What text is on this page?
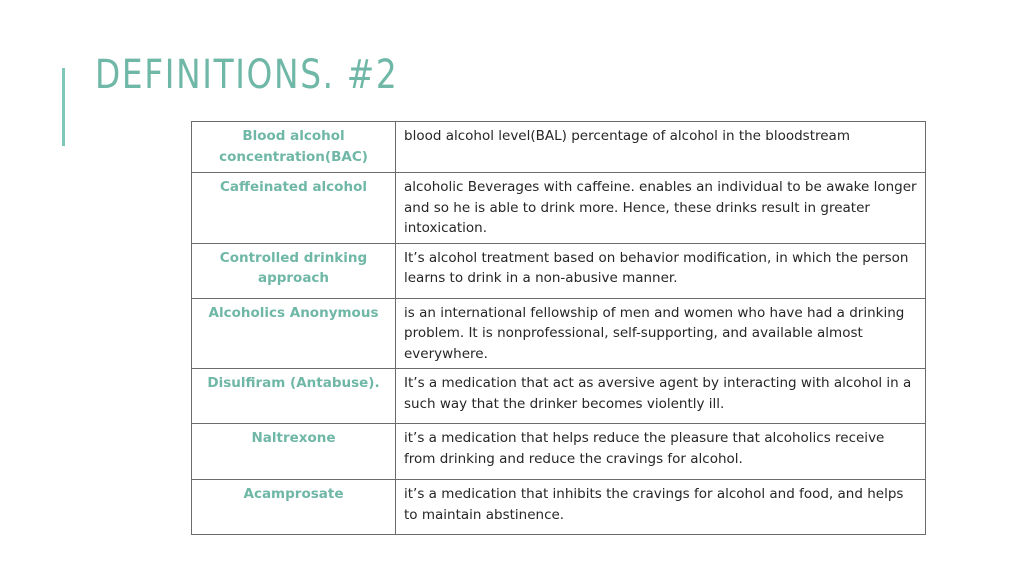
DEFINITIONS. #2
Blood alcohol concentration(BAC)	blood alcohol level(BAL) percentage of alcohol in the bloodstream
Caffeinated alcohol	alcoholic Beverages with caffeine. enables an individual to be awake longer and so he is able to drink more. Hence, these drinks result in greater intoxication.
Controlled drinking approach	It’s alcohol treatment based on behavior modification, in which the person learns to drink in a non-abusive manner.
Alcoholics Anonymous	is an international fellowship of men and women who have had a drinking problem. It is nonprofessional, self-supporting, and available almost everywhere.
Disulfiram (Antabuse).	It’s a medication that act as aversive agent by interacting with alcohol in a such way that the drinker becomes violently ill.
Naltrexone	it’s a medication that helps reduce the pleasure that alcoholics receive from drinking and reduce the cravings for alcohol.
Acamprosate	it’s a medication that inhibits the cravings for alcohol and food, and helps to maintain abstinence.
